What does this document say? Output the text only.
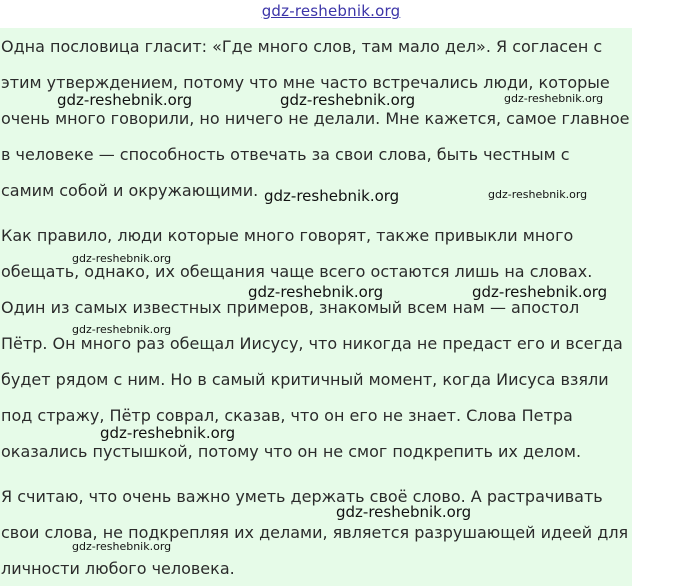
gdz-reshebnik.org
Одна пословица гласит: «Где много слов, там мало дел». Я согласен с
этим утверждением, потому что мне часто встречались люди, которые
очень много говорили, но ничего не делали. Мне кажется, самое главное
в человеке — способность отвечать за свои слова, быть честным с
самим собой и окружающими.
Как правило, люди которые много говорят, также привыкли много
обещать, однако, их обещания чаще всего остаются лишь на словах.
Один из самых известных примеров, знакомый всем нам — апостол
Пётр. Он много раз обещал Иисусу, что никогда не предаст его и всегда
будет рядом с ним. Но в самый критичный момент, когда Иисуса взяли
под стражу, Пётр соврал, сказав, что он его не знает. Слова Петра
оказались пустышкой, потому что он не смог подкрепить их делом.
Я считаю, что очень важно уметь держать своё слово. А растрачивать
свои слова, не подкрепляя их делами, является разрушающей идеей для
личности любого человека.
gdz-reshebnik.org	gdz-reshebnik.org	gdz-reshebnik.org
gdz-reshebnik.org	gdz-reshebnik.org
gdz-reshebnik.org
gdz-reshebnik.org	gdz-reshebnik.org
gdz-reshebnik.org
gdz-reshebnik.org
gdz-reshebnik.org
gdz-reshebnik.org
